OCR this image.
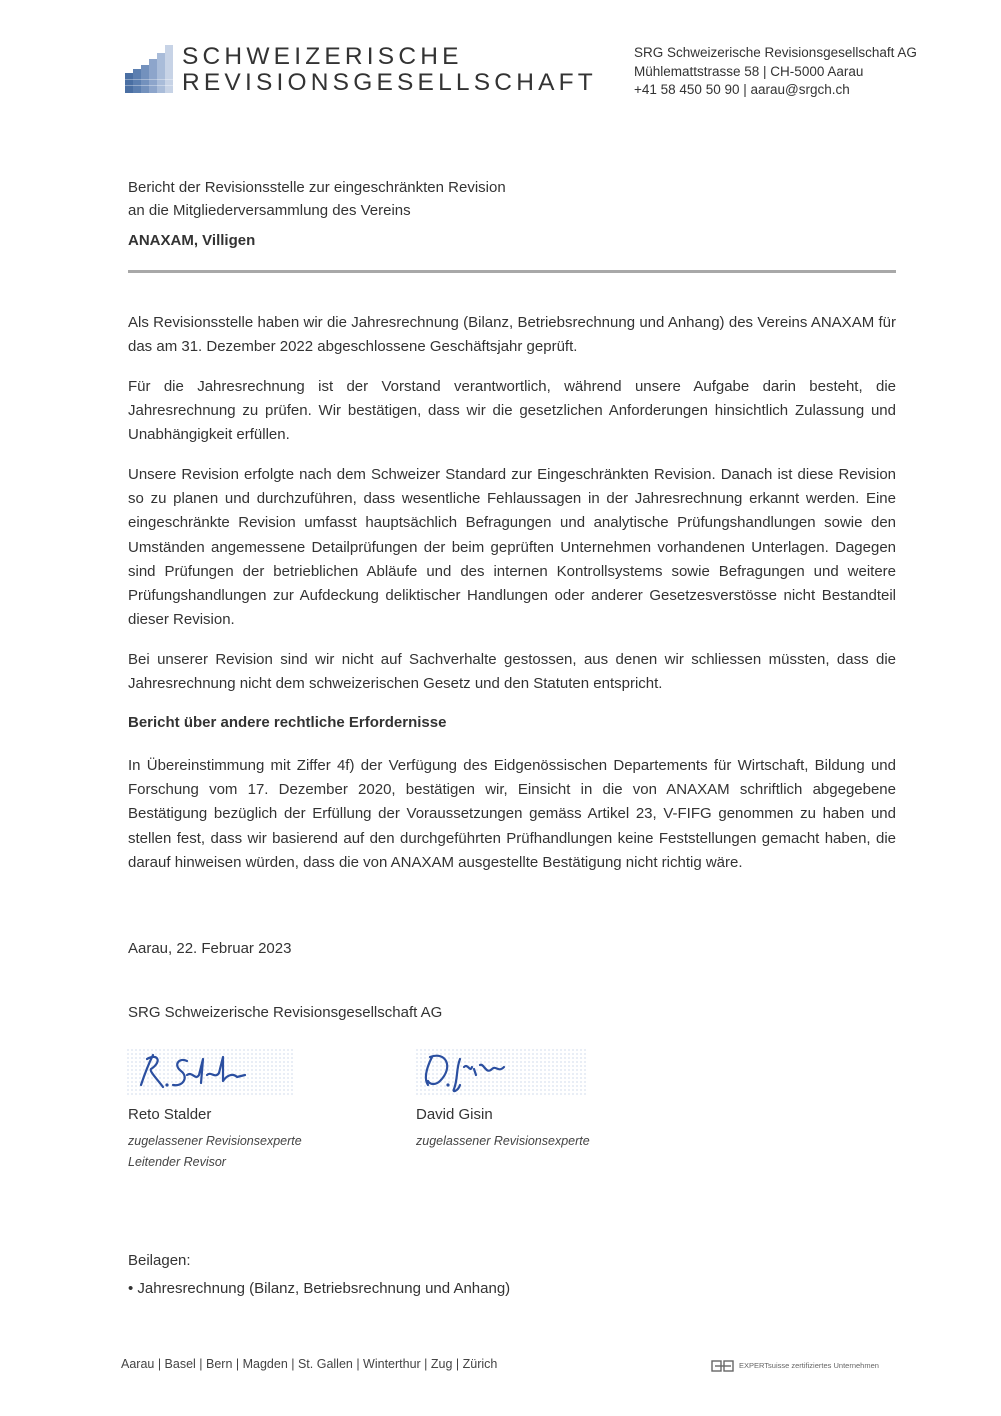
SCHWEIZERISCHE
REVISIONSGESELLSCHAFT
SRG Schweizerische Revisionsgesellschaft AG
Mühlemattstrasse 58 | CH-5000 Aarau
+41 58 450 50 90 | aarau@srgch.ch
Bericht der Revisionsstelle zur eingeschränkten Revision
an die Mitgliederversammlung des Vereins
ANAXAM, Villigen

Als Revisionsstelle haben wir die Jahresrechnung (Bilanz, Betriebsrechnung und Anhang) des Vereins ANAXAM für das am 31. Dezember 2022 abgeschlossene Geschäftsjahr geprüft.

Für die Jahresrechnung ist der Vorstand verantwortlich, während unsere Aufgabe darin besteht, die Jahresrechnung zu prüfen. Wir bestätigen, dass wir die gesetzlichen Anforderungen hinsichtlich Zulassung und Unabhängigkeit erfüllen.

Unsere Revision erfolgte nach dem Schweizer Standard zur Eingeschränkten Revision. Danach ist diese Revision so zu planen und durchzuführen, dass wesentliche Fehlaussagen in der Jahresrechnung erkannt werden. Eine eingeschränkte Revision umfasst hauptsächlich Befragungen und analytische Prüfungshandlungen sowie den Umständen angemessene Detailprüfungen der beim geprüften Unternehmen vorhandenen Unterlagen. Dagegen sind Prüfungen der betrieblichen Abläufe und des internen Kontrollsystems sowie Befragungen und weitere Prüfungshandlungen zur Aufdeckung deliktischer Handlungen oder anderer Gesetzesverstösse nicht Bestandteil dieser Revision.

Bei unserer Revision sind wir nicht auf Sachverhalte gestossen, aus denen wir schliessen müssten, dass die Jahresrechnung nicht dem schweizerischen Gesetz und den Statuten entspricht.

Bericht über andere rechtliche Erfordernisse

In Übereinstimmung mit Ziffer 4f) der Verfügung des Eidgenössischen Departements für Wirtschaft, Bildung und Forschung vom 17. Dezember 2020, bestätigen wir, Einsicht in die von ANAXAM schriftlich abgegebene Bestätigung bezüglich der Erfüllung der Voraussetzungen gemäss Artikel 23, V-FIFG genommen zu haben und stellen fest, dass wir basierend auf den durchgeführten Prüfhandlungen keine Feststellungen gemacht haben, die darauf hinweisen würden, dass die von ANAXAM ausgestellte Bestätigung nicht richtig wäre.

Aarau, 22. Februar 2023
SRG Schweizerische Revisionsgesellschaft AG
Reto Stalder
zugelassener Revisionsexperte
Leitender Revisor
David Gisin
zugelassener Revisionsexperte
Beilagen:
• Jahresrechnung (Bilanz, Betriebsrechnung und Anhang)
Aarau | Basel | Bern | Magden | St. Gallen | Winterthur | Zug | Zürich	EXPERTsuisse zertifiziertes Unternehmen
